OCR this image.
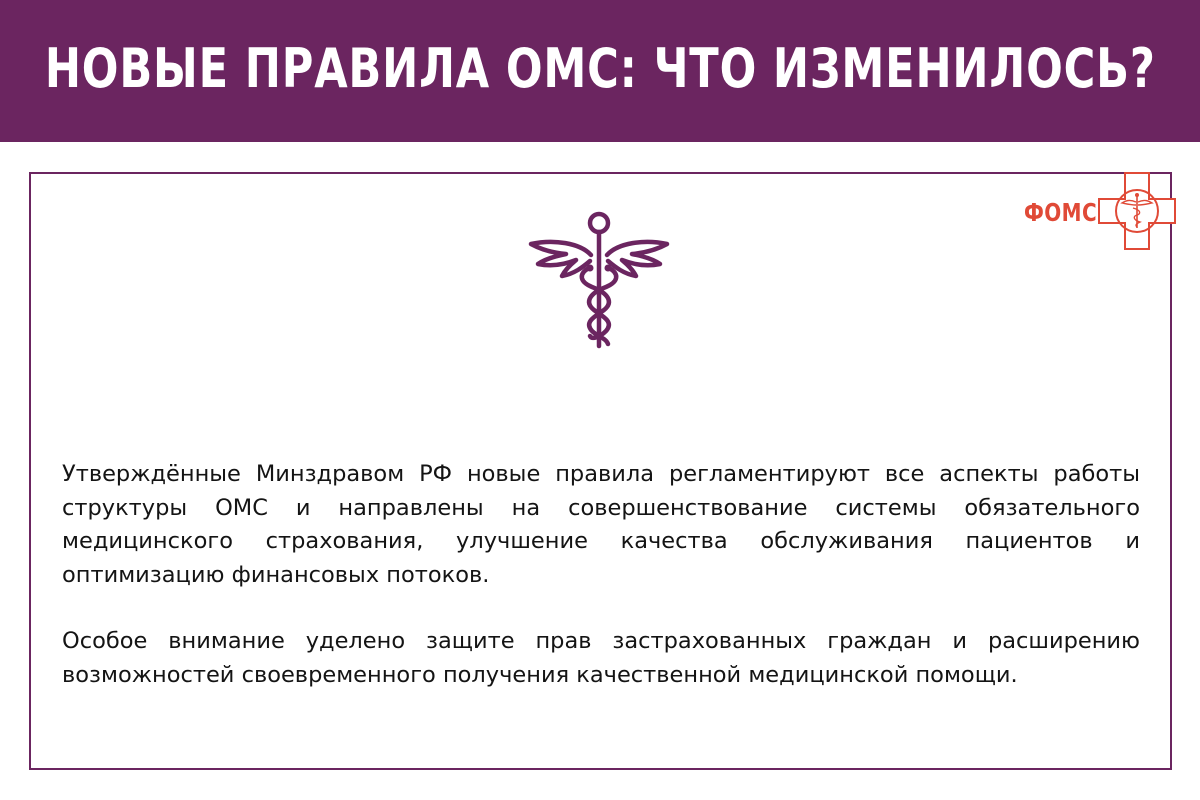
НОВЫЕ ПРАВИЛА ОМС: ЧТО ИЗМЕНИЛОСЬ?
ФОМС

Утверждённые Минздравом РФ новые правила регламентируют все аспекты работы структуры ОМС и направлены на совершенствование системы обязательного медицинского страхования, улучшение качества обслуживания пациентов и оптимизацию финансовых потоков.

Особое внимание уделено защите прав застрахованных граждан и расширению возможностей своевременного получения качественной медицинской помощи.
